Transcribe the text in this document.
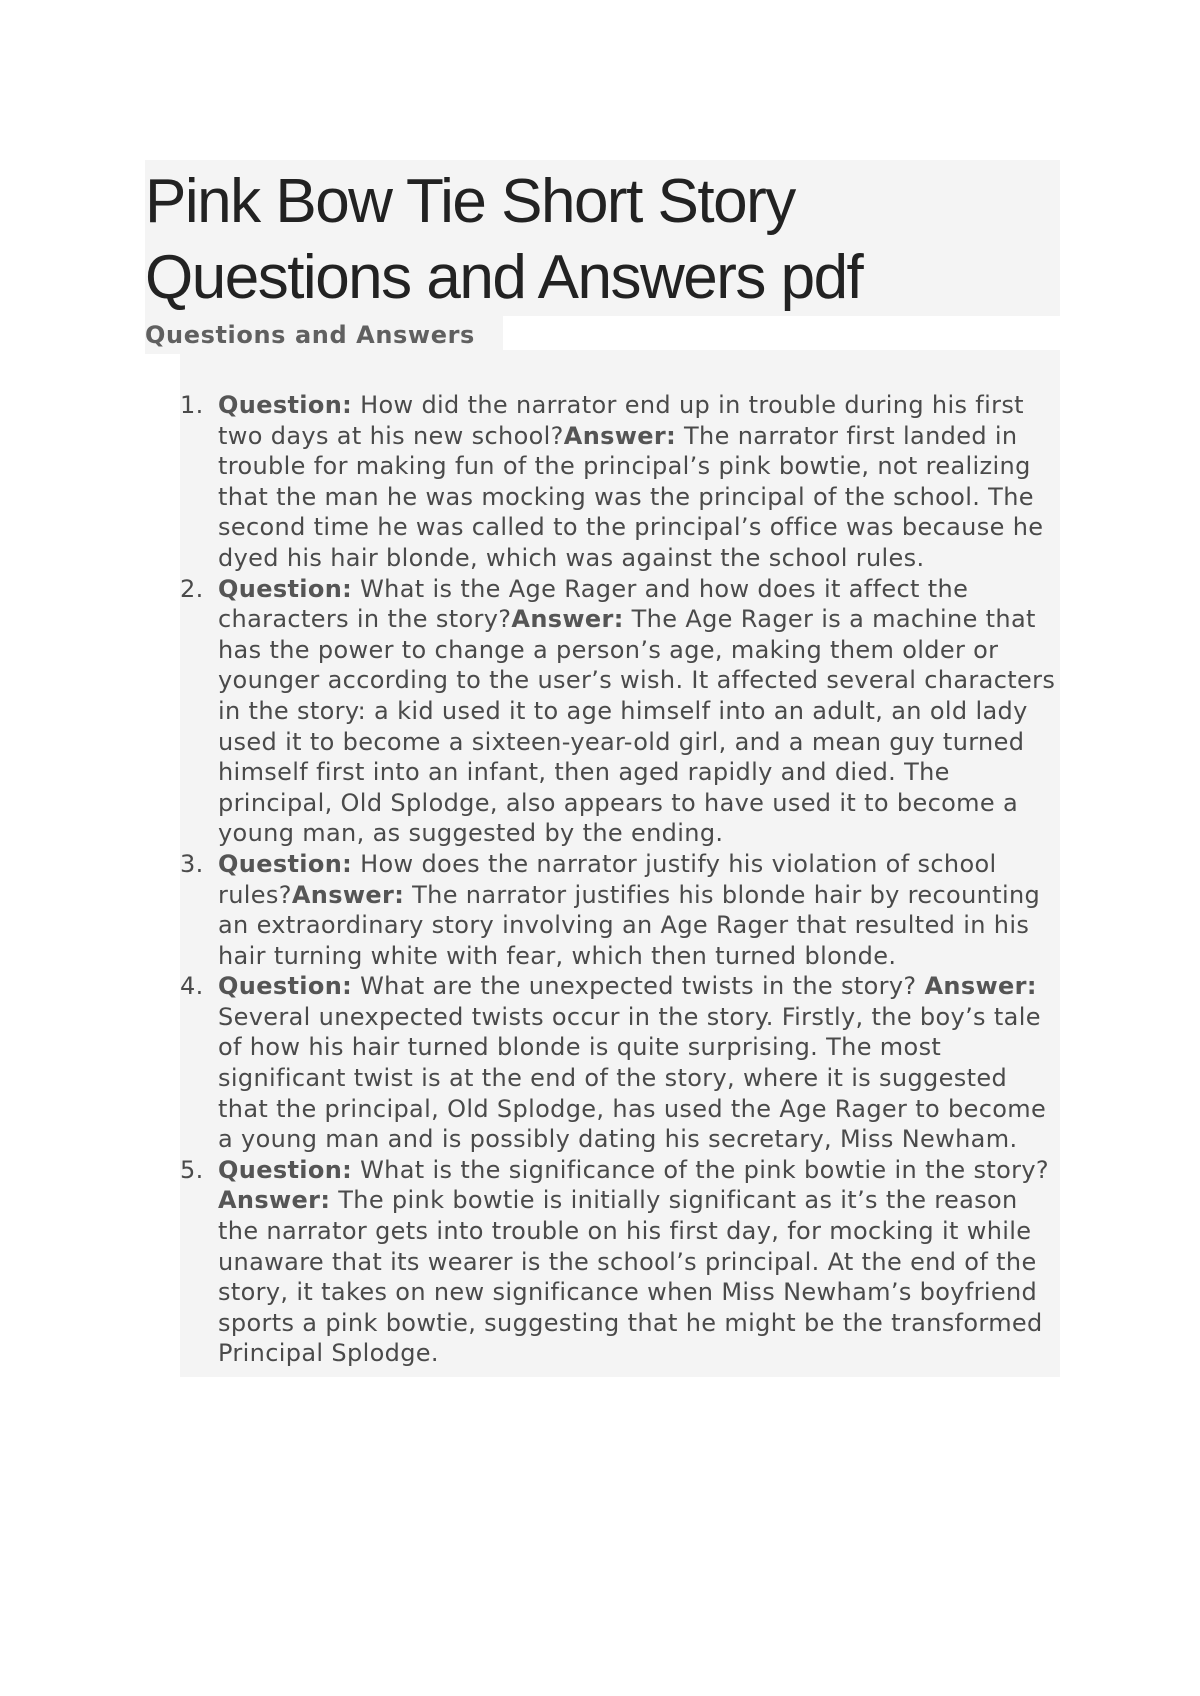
Pink Bow Tie Short Story Questions and Answers pdf
Questions and Answers
1. Question: How did the narrator end up in trouble during his first two days at his new school?Answer: The narrator first landed in trouble for making fun of the principal’s pink bowtie, not realizing that the man he was mocking was the principal of the school. The second time he was called to the principal’s office was because he dyed his hair blonde, which was against the school rules.
2. Question: What is the Age Rager and how does it affect the characters in the story?Answer: The Age Rager is a machine that has the power to change a person’s age, making them older or younger according to the user’s wish. It affected several characters in the story: a kid used it to age himself into an adult, an old lady used it to become a sixteen-year-old girl, and a mean guy turned himself first into an infant, then aged rapidly and died. The principal, Old Splodge, also appears to have used it to become a young man, as suggested by the ending.
3. Question: How does the narrator justify his violation of school rules?Answer: The narrator justifies his blonde hair by recounting an extraordinary story involving an Age Rager that resulted in his hair turning white with fear, which then turned blonde.
4. Question: What are the unexpected twists in the story? Answer: Several unexpected twists occur in the story. Firstly, the boy’s tale of how his hair turned blonde is quite surprising. The most significant twist is at the end of the story, where it is suggested that the principal, Old Splodge, has used the Age Rager to become a young man and is possibly dating his secretary, Miss Newham.
5. Question: What is the significance of the pink bowtie in the story?Answer: The pink bowtie is initially significant as it’s the reason the narrator gets into trouble on his first day, for mocking it while unaware that its wearer is the school’s principal. At the end of the story, it takes on new significance when Miss Newham’s boyfriend sports a pink bowtie, suggesting that he might be the transformed Principal Splodge.
